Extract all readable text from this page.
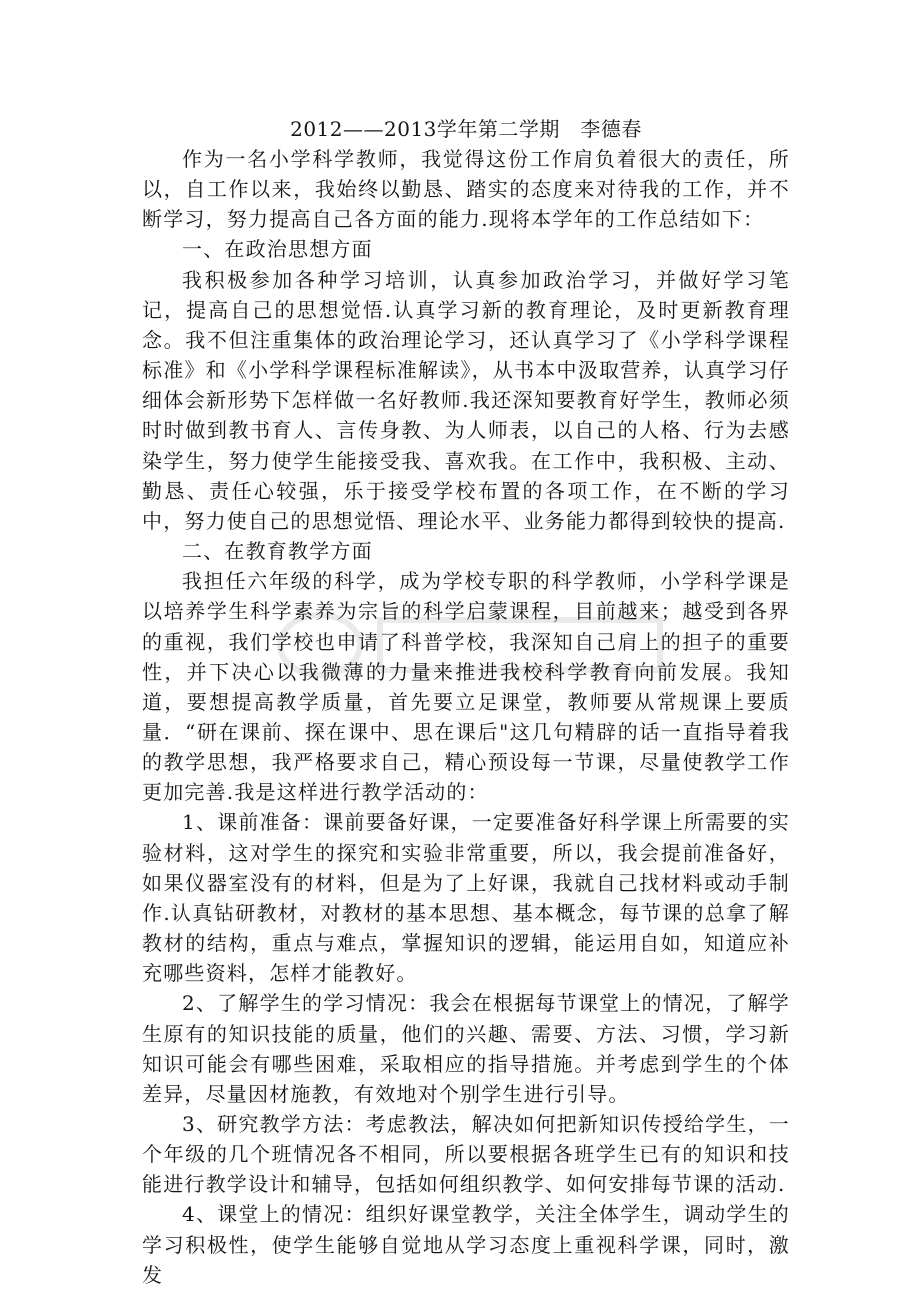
2012——2013学年第二学期　李德春

作为一名小学科学教师，我觉得这份工作肩负着很大的责任，所以，自工作以来，我始终以勤恳、踏实的态度来对待我的工作，并不断学习，努力提高自己各方面的能力.现将本学年的工作总结如下：

一、在政治思想方面

我积极参加各种学习培训，认真参加政治学习，并做好学习笔记，提高自己的思想觉悟.认真学习新的教育理论，及时更新教育理念。我不但注重集体的政治理论学习，还认真学习了《小学科学课程标准》和《小学科学课程标准解读》，从书本中汲取营养，认真学习仔细体会新形势下怎样做一名好教师.我还深知要教育好学生，教师必须时时做到教书育人、言传身教、为人师表，以自己的人格、行为去感染学生，努力使学生能接受我、喜欢我。在工作中，我积极、主动、勤恳、责任心较强，乐于接受学校布置的各项工作，在不断的学习中，努力使自己的思想觉悟、理论水平、业务能力都得到较快的提高.

二、在教育教学方面

我担任六年级的科学，成为学校专职的科学教师，小学科学课是以培养学生科学素养为宗旨的科学启蒙课程，目前越来；越受到各界的重视，我们学校也申请了科普学校，我深知自己肩上的担子的重要性，并下决心以我微薄的力量来推进我校科学教育向前发展。我知道，要想提高教学质量，首先要立足课堂，教师要从常规课上要质量．“研在课前、探在课中、思在课后"这几句精辟的话一直指导着我的教学思想，我严格要求自己，精心预设每一节课，尽量使教学工作更加完善.我是这样进行教学活动的：

1、课前准备：课前要备好课，一定要准备好科学课上所需要的实验材料，这对学生的探究和实验非常重要，所以，我会提前准备好，如果仪器室没有的材料，但是为了上好课，我就自己找材料或动手制作.认真钻研教材，对教材的基本思想、基本概念，每节课的总拿了解教材的结构，重点与难点，掌握知识的逻辑，能运用自如，知道应补充哪些资料，怎样才能教好。

2、了解学生的学习情况：我会在根据每节课堂上的情况，了解学生原有的知识技能的质量，他们的兴趣、需要、方法、习惯，学习新知识可能会有哪些困难，采取相应的指导措施。并考虑到学生的个体差异，尽量因材施教，有效地对个别学生进行引导。

3、研究教学方法：考虑教法，解决如何把新知识传授给学生，一个年级的几个班情况各不相同，所以要根据各班学生已有的知识和技能进行教学设计和辅导，包括如何组织教学、如何安排每节课的活动.

4、课堂上的情况：组织好课堂教学，关注全体学生，调动学生的学习积极性，使学生能够自觉地从学习态度上重视科学课，同时，激发
